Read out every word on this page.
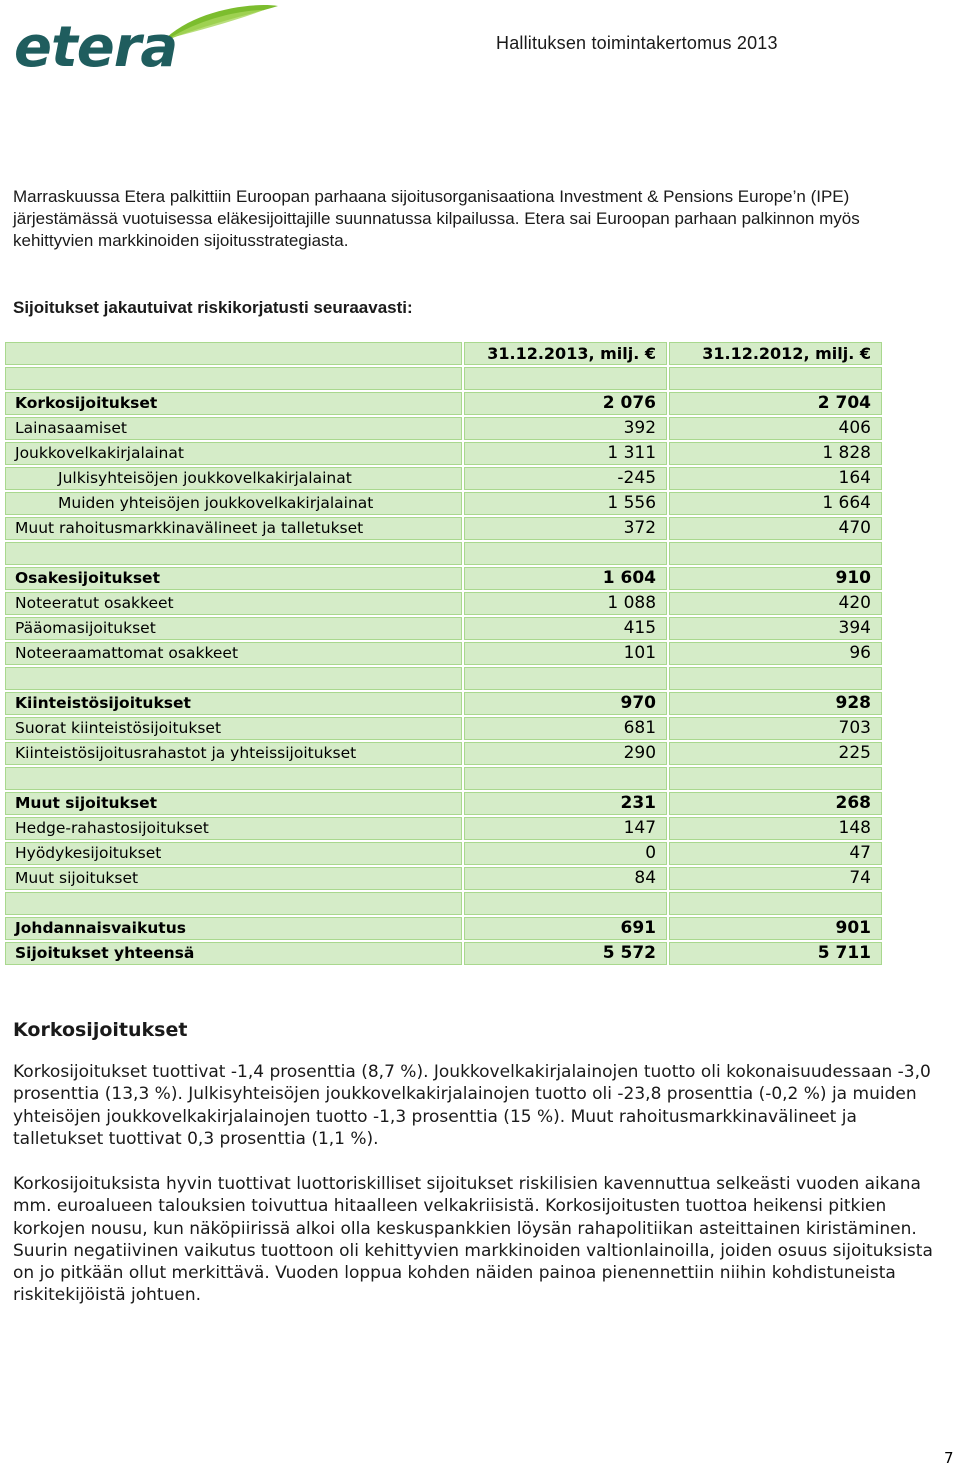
etera	Hallituksen toimintakertomus 2013

Marraskuussa Etera palkittiin Euroopan parhaana sijoitusorganisaationa Investment & Pensions Europe’n (IPE) järjestämässä vuotuisessa eläkesijoittajille suunnatussa kilpailussa. Etera sai Euroopan parhaan palkinnon myös kehittyvien markkinoiden sijoitusstrategiasta.

Sijoitukset jakautuivat riskikorjatusti seuraavasti:

	31.12.2013, milj. €	31.12.2012, milj. €

Korkosijoitukset	2 076	2 704
Lainasaamiset	392	406
Joukkovelkakirjalainat	1 311	1 828
Julkisyhteisöjen joukkovelkakirjalainat	-245	164
Muiden yhteisöjen joukkovelkakirjalainat	1 556	1 664
Muut rahoitusmarkkinavälineet ja talletukset	372	470

Osakesijoitukset	1 604	910
Noteeratut osakkeet	1 088	420
Pääomasijoitukset	415	394
Noteeraamattomat osakkeet	101	96

Kiinteistösijoitukset	970	928
Suorat kiinteistösijoitukset	681	703
Kiinteistösijoitusrahastot ja yhteissijoitukset	290	225

Muut sijoitukset	231	268
Hedge-rahastosijoitukset	147	148
Hyödykesijoitukset	0	47
Muut sijoitukset	84	74

Johdannaisvaikutus	691	901
Sijoitukset yhteensä	5 572	5 711

Korkosijoitukset

Korkosijoitukset tuottivat -1,4 prosenttia (8,7 %). Joukkovelkakirjalainojen tuotto oli kokonaisuudessaan -3,0 prosenttia (13,3 %). Julkisyhteisöjen joukkovelkakirjalainojen tuotto oli -23,8 prosenttia (-0,2 %) ja muiden yhteisöjen joukkovelkakirjalainojen tuotto -1,3 prosenttia (15 %). Muut rahoitusmarkkinavälineet ja talletukset tuottivat 0,3 prosenttia (1,1 %).

Korkosijoituksista hyvin tuottivat luottoriskilliset sijoitukset riskilisien kavennuttua selkeästi vuoden aikana mm. euroalueen talouksien toivuttua hitaalleen velkakriisistä. Korkosijoitusten tuottoa heikensi pitkien korkojen nousu, kun näköpiirissä alkoi olla keskuspankkien löysän rahapolitiikan asteittainen kiristäminen. Suurin negatiivinen vaikutus tuottoon oli kehittyvien markkinoiden valtionlainoilla, joiden osuus sijoituksista on jo pitkään ollut merkittävä. Vuoden loppua kohden näiden painoa pienennettiin niihin kohdistuneista riskitekijöistä johtuen.

7
